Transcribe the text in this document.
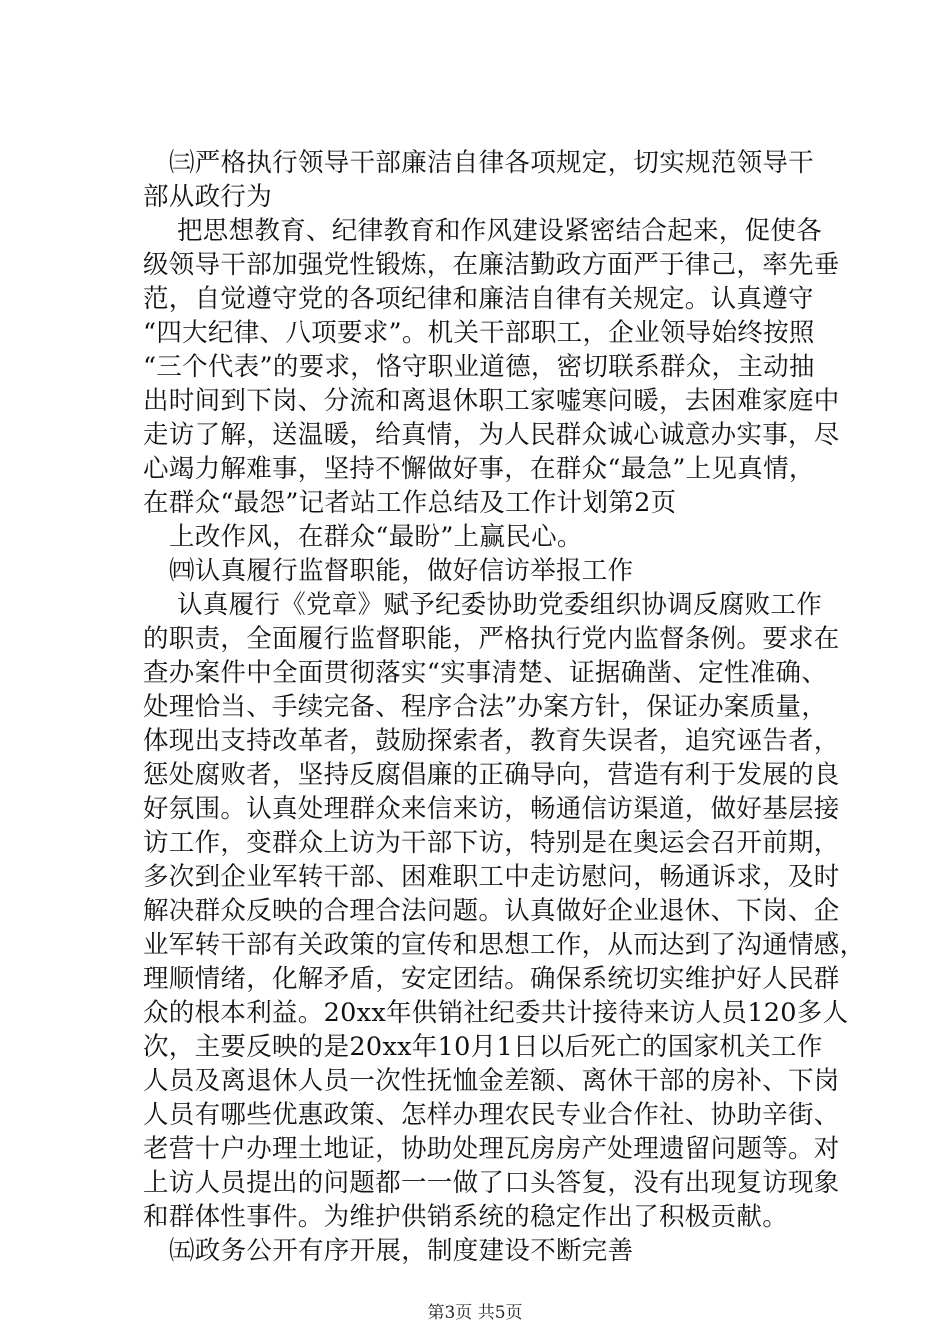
㈢严格执行领导干部廉洁自律各项规定，切实规范领导干
部从政行为
把思想教育、纪律教育和作风建设紧密结合起来，促使各
级领导干部加强党性锻炼，在廉洁勤政方面严于律己，率先垂
范，自觉遵守党的各项纪律和廉洁自律有关规定。认真遵守
“四大纪律、八项要求”。机关干部职工，企业领导始终按照
“三个代表”的要求，恪守职业道德，密切联系群众，主动抽
出时间到下岗、分流和离退休职工家嘘寒问暖，去困难家庭中
走访了解，送温暖，给真情，为人民群众诚心诚意办实事，尽
心竭力解难事，坚持不懈做好事，在群众“最急”上见真情，
在群众“最怨”记者站工作总结及工作计划第2页
上改作风，在群众“最盼”上赢民心。
㈣认真履行监督职能，做好信访举报工作
认真履行《党章》赋予纪委协助党委组织协调反腐败工作
的职责，全面履行监督职能，严格执行党内监督条例。要求在
查办案件中全面贯彻落实“实事清楚、证据确凿、定性准确、
处理恰当、手续完备、程序合法”办案方针，保证办案质量，
体现出支持改革者，鼓励探索者，教育失误者，追究诬告者，
惩处腐败者，坚持反腐倡廉的正确导向，营造有利于发展的良
好氛围。认真处理群众来信来访，畅通信访渠道，做好基层接
访工作，变群众上访为干部下访，特别是在奥运会召开前期，
多次到企业军转干部、困难职工中走访慰问，畅通诉求，及时
解决群众反映的合理合法问题。认真做好企业退休、下岗、企
业军转干部有关政策的宣传和思想工作，从而达到了沟通情感，
理顺情绪，化解矛盾，安定团结。确保系统切实维护好人民群
众的根本利益。20xx年供销社纪委共计接待来访人员120多人
次，主要反映的是20xx年10月1日以后死亡的国家机关工作
人员及离退休人员一次性抚恤金差额、离休干部的房补、下岗
人员有哪些优惠政策、怎样办理农民专业合作社、协助辛街、
老营十户办理土地证，协助处理瓦房房产处理遗留问题等。对
上访人员提出的问题都一一做了口头答复，没有出现复访现象
和群体性事件。为维护供销系统的稳定作出了积极贡献。
㈤政务公开有序开展，制度建设不断完善
第3页 共5页
